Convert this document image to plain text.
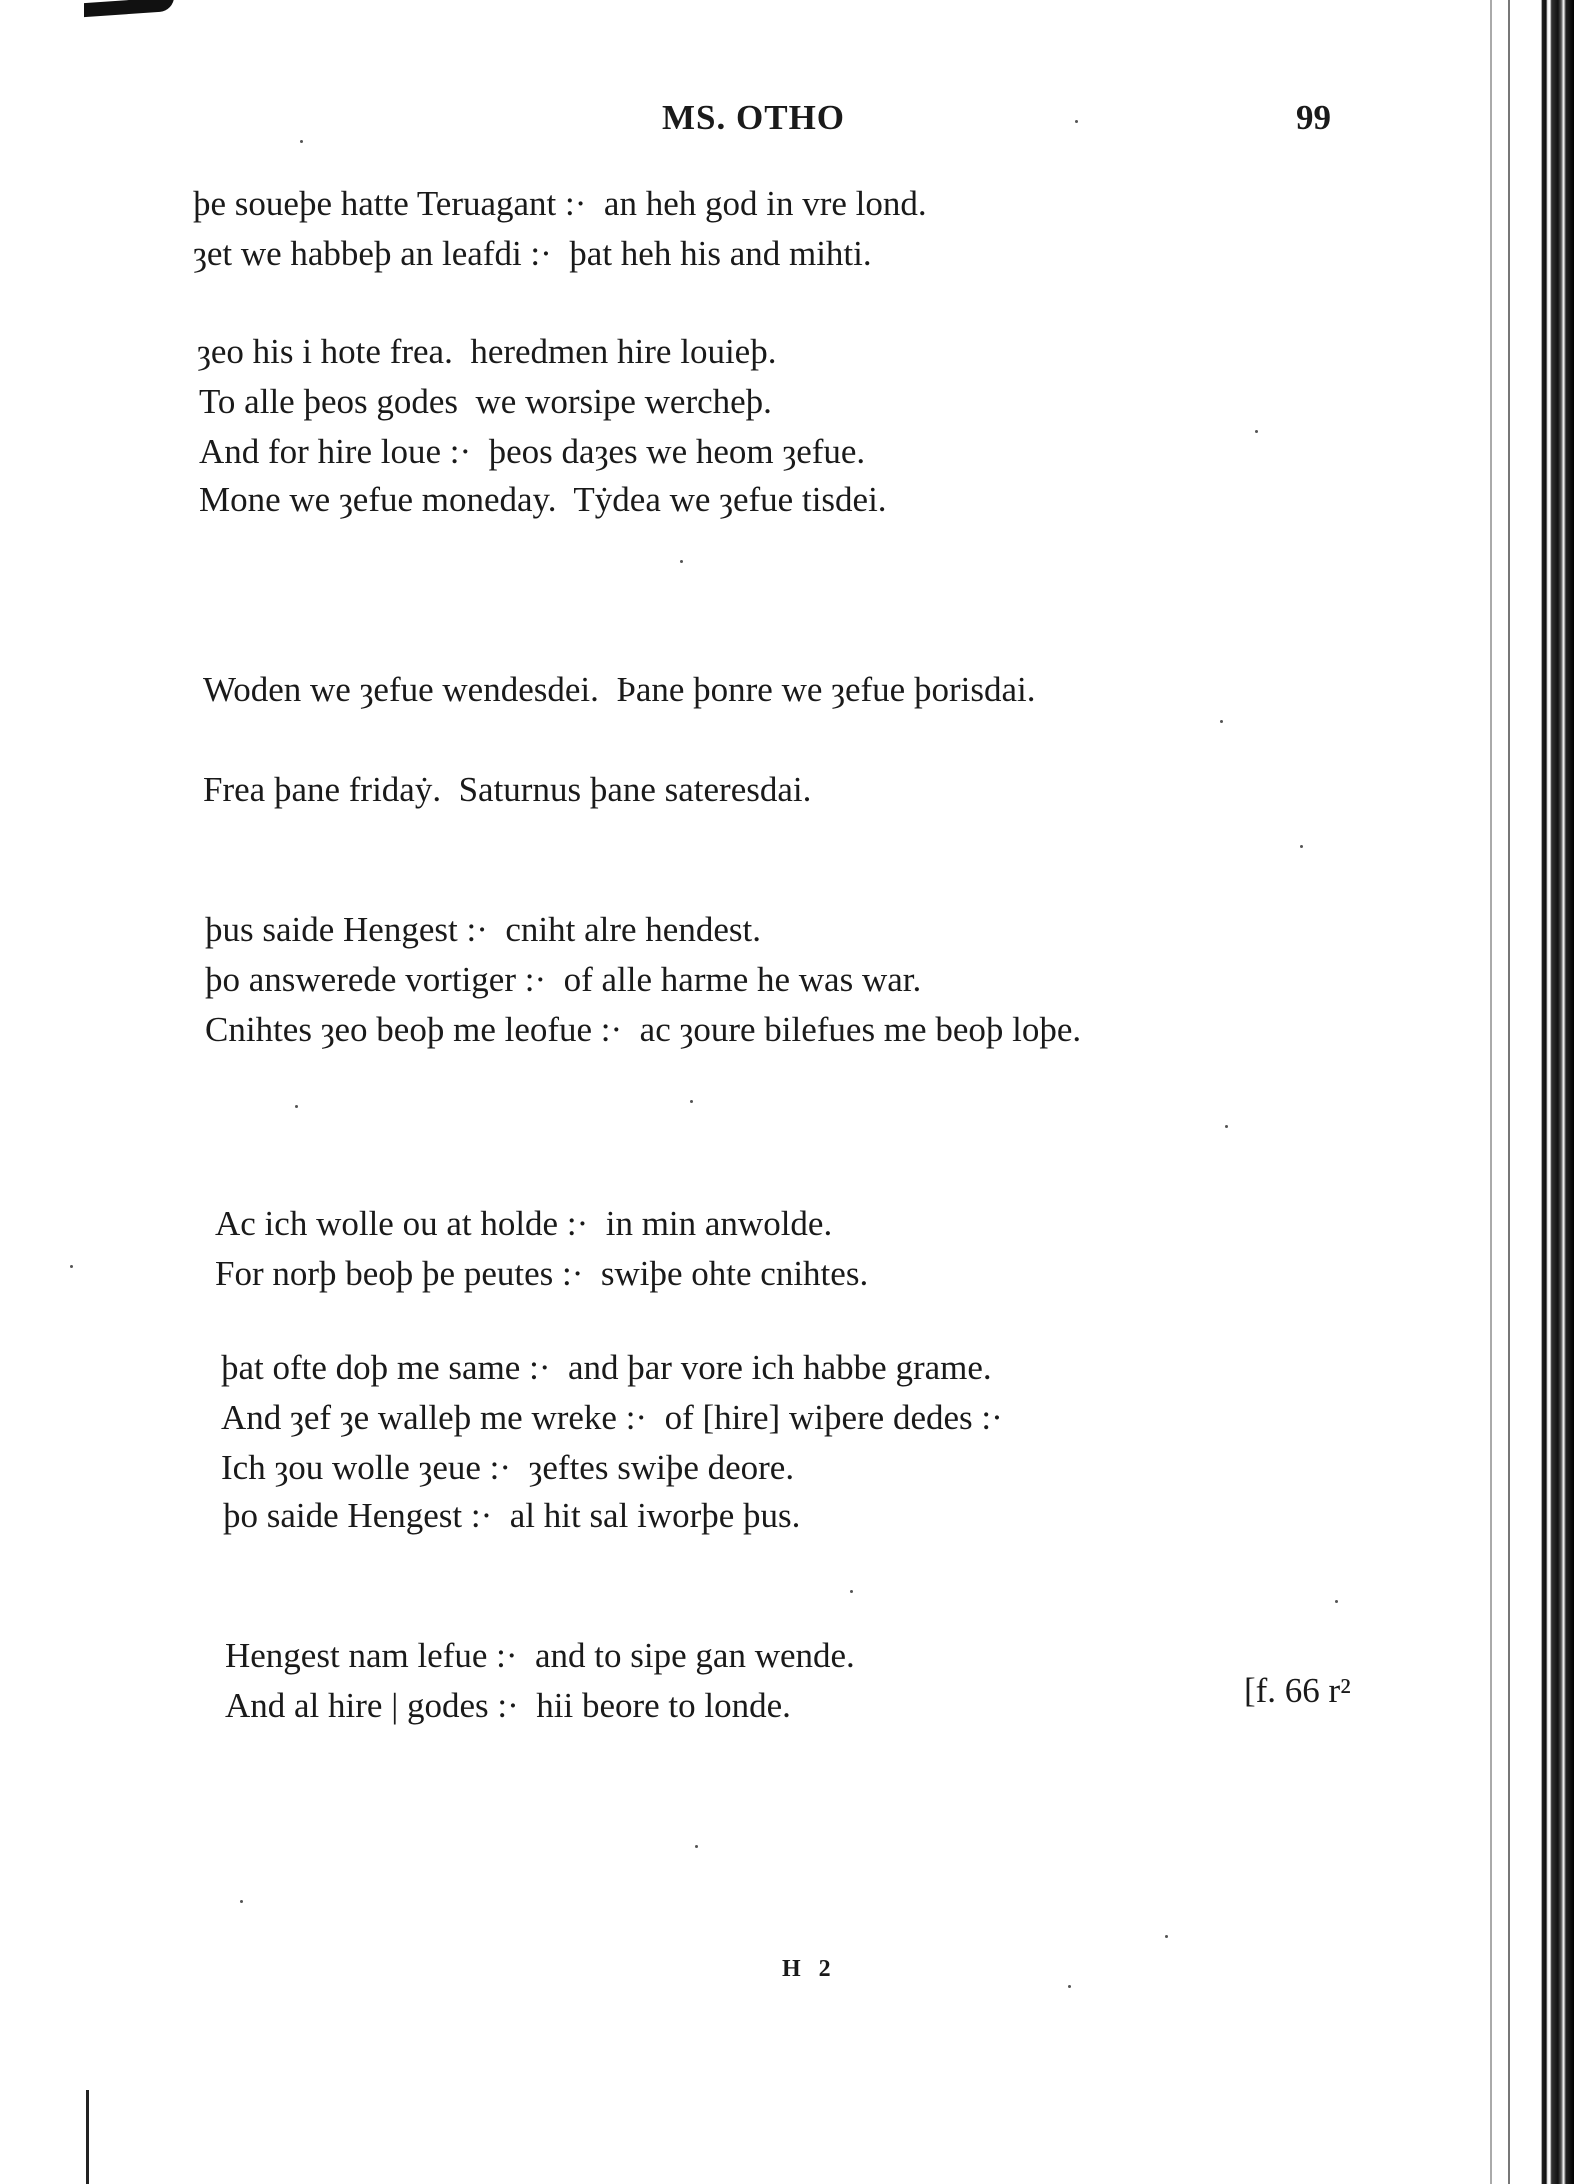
MS. OTHO	99
þe soueþe hatte Teruagant :·  an heh god in vre lond.
ȝet we habbeþ an leafdi :·  þat heh his and mihti.
ȝeo his i hote frea.  heredmen hire louieþ.
To alle þeos godes  we worsipe wercheþ.
And for hire loue :·  þeos daȝes we heom ȝefue.
Mone we ȝefue moneday.  Tẏdea we ȝefue tisdei.
Woden we ȝefue wendesdei.  Þane þonre we ȝefue þorisdai.
Frea þane fridaẏ.  Saturnus þane sateresdai.
þus saide Hengest :·  cniht alre hendest.
þo answerede vortiger :·  of alle harme he was war.
Cnihtes ȝeo beoþ me leofue :·  ac ȝoure bilefues me beoþ loþe.
Ac ich wolle ou at holde :·  in min anwolde.
For norþ beoþ þe peutes :·  swiþe ohte cnihtes.
þat ofte doþ me same :·  and þar vore ich habbe grame.
And ȝef ȝe walleþ me wreke :·  of [hire] wiþere dedes :·
Ich ȝou wolle ȝeue :·  ȝeftes swiþe deore.
þo saide Hengest :·  al hit sal iworþe þus.
Hengest nam lefue :·  and to sipe gan wende.
And al hire | godes :·  hii beore to londe.	[f. 66 r²
H 2
